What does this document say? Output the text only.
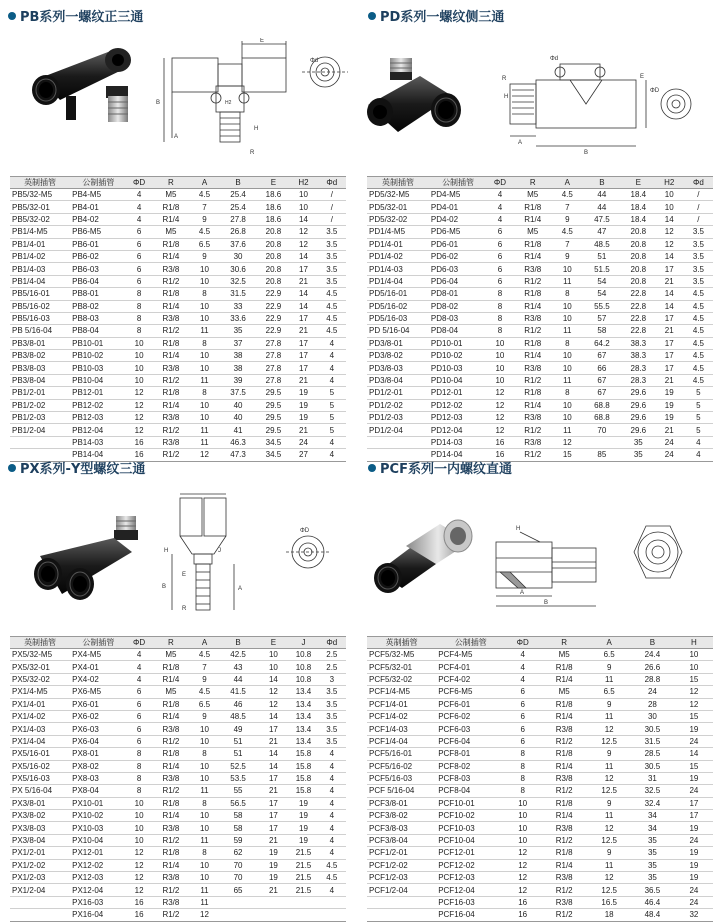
PB系列一螺纹正三通
E
Φd
H2
B
A
R
H
英制插管	公制插管	ΦD	R	A	B	E	H2	Φd
PB5/32-M5	PB4-M5	4	M5	4.5	25.4	18.6	10	/
PB5/32-01	PB4-01	4	R1/8	7	25.4	18.6	10	/
PB5/32-02	PB4-02	4	R1/4	9	27.8	18.6	14	/
PB1/4-M5	PB6-M5	6	M5	4.5	26.8	20.8	12	3.5
PB1/4-01	PB6-01	6	R1/8	6.5	37.6	20.8	12	3.5
PB1/4-02	PB6-02	6	R1/4	9	30	20.8	14	3.5
PB1/4-03	PB6-03	6	R3/8	10	30.6	20.8	17	3.5
PB1/4-04	PB6-04	6	R1/2	10	32.5	20.8	21	3.5
PB5/16-01	PB8-01	8	R1/8	8	31.5	22.9	14	4.5
PB5/16-02	PB8-02	8	R1/4	10	33	22.9	14	4.5
PB5/16-03	PB8-03	8	R3/8	10	33.6	22.9	17	4.5
PB 5/16-04	PB8-04	8	R1/2	11	35	22.9	21	4.5
PB3/8-01	PB10-01	10	R1/8	8	37	27.8	17	4
PB3/8-02	PB10-02	10	R1/4	10	38	27.8	17	4
PB3/8-03	PB10-03	10	R3/8	10	38	27.8	17	4
PB3/8-04	PB10-04	10	R1/2	11	39	27.8	21	4
PB1/2-01	PB12-01	12	R1/8	8	37.5	29.5	19	5
PB1/2-02	PB12-02	12	R1/4	10	40	29.5	19	5
PB1/2-03	PB12-03	12	R3/8	10	40	29.5	19	5
PB1/2-04	PB12-04	12	R1/2	11	41	29.5	21	5
	PB14-03	16	R3/8	11	46.3	34.5	24	4
	PB14-04	16	R1/2	12	47.3	34.5	27	4
PD系列一螺纹侧三通
Φd
R	E
H
ΦD
A
B
英制插管	公制插管	ΦD	R	A	B	E	H2	Φd
PD5/32-M5	PD4-M5	4	M5	4.5	44	18.4	10	/
PD5/32-01	PD4-01	4	R1/8	7	44	18.4	10	/
PD5/32-02	PD4-02	4	R1/4	9	47.5	18.4	14	/
PD1/4-M5	PD6-M5	6	M5	4.5	47	20.8	12	3.5
PD1/4-01	PD6-01	6	R1/8	7	48.5	20.8	12	3.5
PD1/4-02	PD6-02	6	R1/4	9	51	20.8	14	3.5
PD1/4-03	PD6-03	6	R3/8	10	51.5	20.8	17	3.5
PD1/4-04	PD6-04	6	R1/2	11	54	20.8	21	3.5
PD5/16-01	PD8-01	8	R1/8	8	54	22.8	14	4.5
PD5/16-02	PD8-02	8	R1/4	10	55.5	22.8	14	4.5
PD5/16-03	PD8-03	8	R3/8	10	57	22.8	17	4.5
PD 5/16-04	PD8-04	8	R1/2	11	58	22.8	21	4.5
PD3/8-01	PD10-01	10	R1/8	8	64.2	38.3	17	4.5
PD3/8-02	PD10-02	10	R1/4	10	67	38.3	17	4.5
PD3/8-03	PD10-03	10	R3/8	10	66	28.3	17	4.5
PD3/8-04	PD10-04	10	R1/2	11	67	28.3	21	4.5
PD1/2-01	PD12-01	12	R1/8	8	67	29.6	19	5
PD1/2-02	PD12-02	12	R1/4	10	68.8	29.6	19	5
PD1/2-03	PD12-03	12	R3/8	10	68.8	29.6	19	5
PD1/2-04	PD12-04	12	R1/2	11	70	29.6	21	5
	PD14-03	16	R3/8	12		35	24	4
	PD14-04	16	R1/2	15	85	35	24	4
PX系列-Y型螺纹三通
ΦD
H	J
B
E
R
A
英制插管	公制插管	ΦD	R	A	B	E	J	Φd
PX5/32-M5	PX4-M5	4	M5	4.5	42.5	10	10.8	2.5
PX5/32-01	PX4-01	4	R1/8	7	43	10	10.8	2.5
PX5/32-02	PX4-02	4	R1/4	9	44	14	10.8	3
PX1/4-M5	PX6-M5	6	M5	4.5	41.5	12	13.4	3.5
PX1/4-01	PX6-01	6	R1/8	6.5	46	12	13.4	3.5
PX1/4-02	PX6-02	6	R1/4	9	48.5	14	13.4	3.5
PX1/4-03	PX6-03	6	R3/8	10	49	17	13.4	3.5
PX1/4-04	PX6-04	6	R1/2	10	51	21	13.4	3.5
PX5/16-01	PX8-01	8	R1/8	8	51	14	15.8	4
PX5/16-02	PX8-02	8	R1/4	10	52.5	14	15.8	4
PX5/16-03	PX8-03	8	R3/8	10	53.5	17	15.8	4
PX 5/16-04	PX8-04	8	R1/2	11	55	21	15.8	4
PX3/8-01	PX10-01	10	R1/8	8	56.5	17	19	4
PX3/8-02	PX10-02	10	R1/4	10	58	17	19	4
PX3/8-03	PX10-03	10	R3/8	10	58	17	19	4
PX3/8-04	PX10-04	10	R1/2	11	59	21	19	4
PX1/2-01	PX12-01	12	R1/8	8	62	19	21.5	4
PX1/2-02	PX12-02	12	R1/4	10	70	19	21.5	4.5
PX1/2-03	PX12-03	12	R3/8	10	70	19	21.5	4.5
PX1/2-04	PX12-04	12	R1/2	11	65	21	21.5	4
	PX16-03	16	R3/8	11				
	PX16-04	16	R1/2	12				
PCF系列一内螺纹直通
H
A
B
英制插管	公制插管	ΦD	R	A	B	H
PCF5/32-M5	PCF4-M5	4	M5	6.5	24.4	10
PCF5/32-01	PCF4-01	4	R1/8	9	26.6	10
PCF5/32-02	PCF4-02	4	R1/4	11	28.8	15
PCF1/4-M5	PCF6-M5	6	M5	6.5	24	12
PCF1/4-01	PCF6-01	6	R1/8	9	28	12
PCF1/4-02	PCF6-02	6	R1/4	11	30	15
PCF1/4-03	PCF6-03	6	R3/8	12	30.5	19
PCF1/4-04	PCF6-04	6	R1/2	12.5	31.5	24
PCF5/16-01	PCF8-01	8	R1/8	9	28.5	14
PCF5/16-02	PCF8-02	8	R1/4	11	30.5	15
PCF5/16-03	PCF8-03	8	R3/8	12	31	19
PCF 5/16-04	PCF8-04	8	R1/2	12.5	32.5	24
PCF3/8-01	PCF10-01	10	R1/8	9	32.4	17
PCF3/8-02	PCF10-02	10	R1/4	11	34	17
PCF3/8-03	PCF10-03	10	R3/8	12	34	19
PCF3/8-04	PCF10-04	10	R1/2	12.5	35	24
PCF1/2-01	PCF12-01	12	R1/8	9	35	19
PCF1/2-02	PCF12-02	12	R1/4	11	35	19
PCF1/2-03	PCF12-03	12	R3/8	12	35	19
PCF1/2-04	PCF12-04	12	R1/2	12.5	36.5	24
	PCF16-03	16	R3/8	16.5	46.4	24
	PCF16-04	16	R1/2	18	48.4	32
